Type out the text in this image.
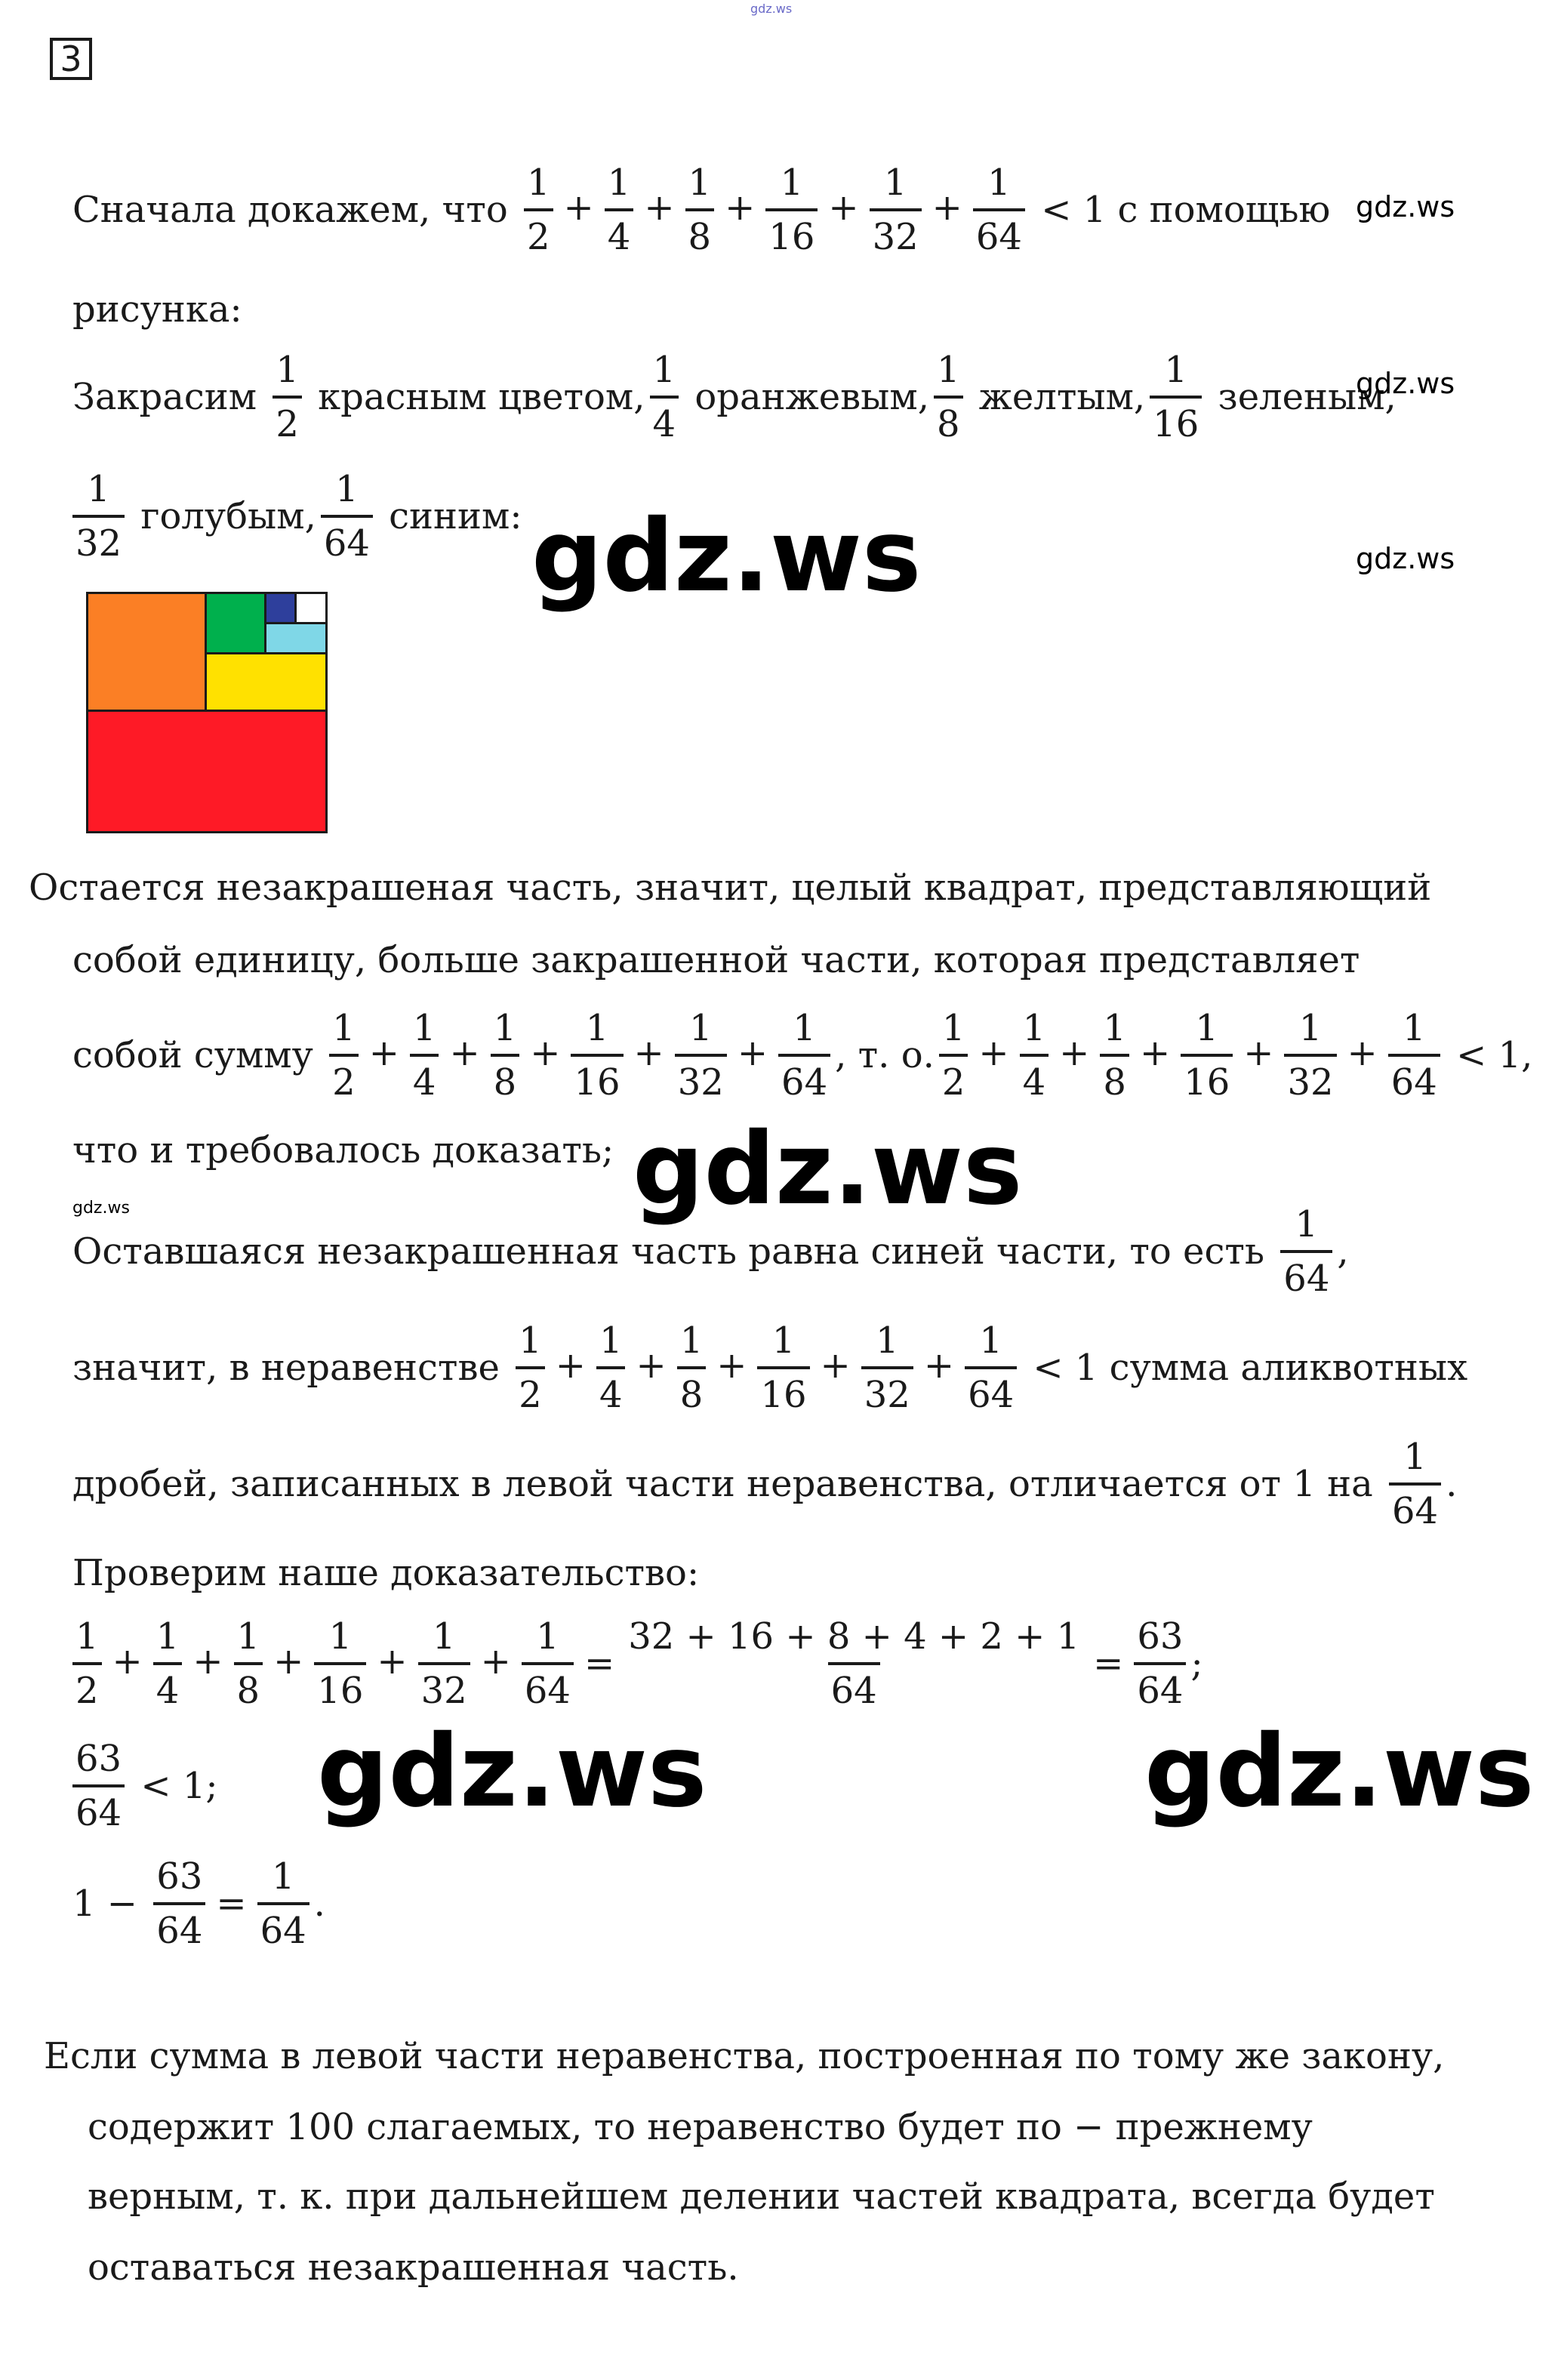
gdz.ws
3
Сначала докажем, что $\frac{1}{2} + \frac{1}{4} + \frac{1}{8} + \frac{1}{16} + \frac{1}{32} + \frac{1}{64} < 1$ с помощью gdz.ws
рисунка:
Закрасим $\frac{1}{2}$ красным цветом, $\frac{1}{4}$ оранжевым, $\frac{1}{8}$ желтым, $\frac{1}{16}$ зеленым,
gdz.ws
$\frac{1}{32}$ голубым, $\frac{1}{64}$ синим: gdz.ws	gdz.ws
Остается незакрашеная часть, значит, целый квадрат, представляющий
собой единицу, больше закрашенной части, которая представляет
собой сумму $\frac{1}{2} + \frac{1}{4} + \frac{1}{8} + \frac{1}{16} + \frac{1}{32} + \frac{1}{64}$ , т. о. $\frac{1}{2} + \frac{1}{4} + \frac{1}{8} + \frac{1}{16} + \frac{1}{32} + \frac{1}{64} < 1$,
что и требовалось доказать; gdz.ws
gdz.ws
Оставшаяся незакрашенная часть равна синей части, то есть $\frac{1}{64}$ ,
значит, в неравенстве $\frac{1}{2} + \frac{1}{4} + \frac{1}{8} + \frac{1}{16} + \frac{1}{32} + \frac{1}{64} < 1$ сумма аликвотных
дробей, записанных в левой части неравенства, отличается от 1 на $\frac{1}{64}$ .
Проверим наше доказательство:
$\frac{1}{2} + \frac{1}{4} + \frac{1}{8} + \frac{1}{16} + \frac{1}{32} + \frac{1}{64} = \frac{32 + 16 + 8 + 4 + 2 + 1}{64} = \frac{63}{64}$ ;
$\frac{63}{64} < 1$;
$1 - \frac{63}{64} = \frac{1}{64}$ .
gdz.ws	gdz.ws
Если сумма в левой части неравенства, построенная по тому же закону,
содержит 100 слагаемых, то неравенство будет по − прежнему
верным, т. к. при дальнейшем делении частей квадрата, всегда будет
оставаться незакрашенная часть.
